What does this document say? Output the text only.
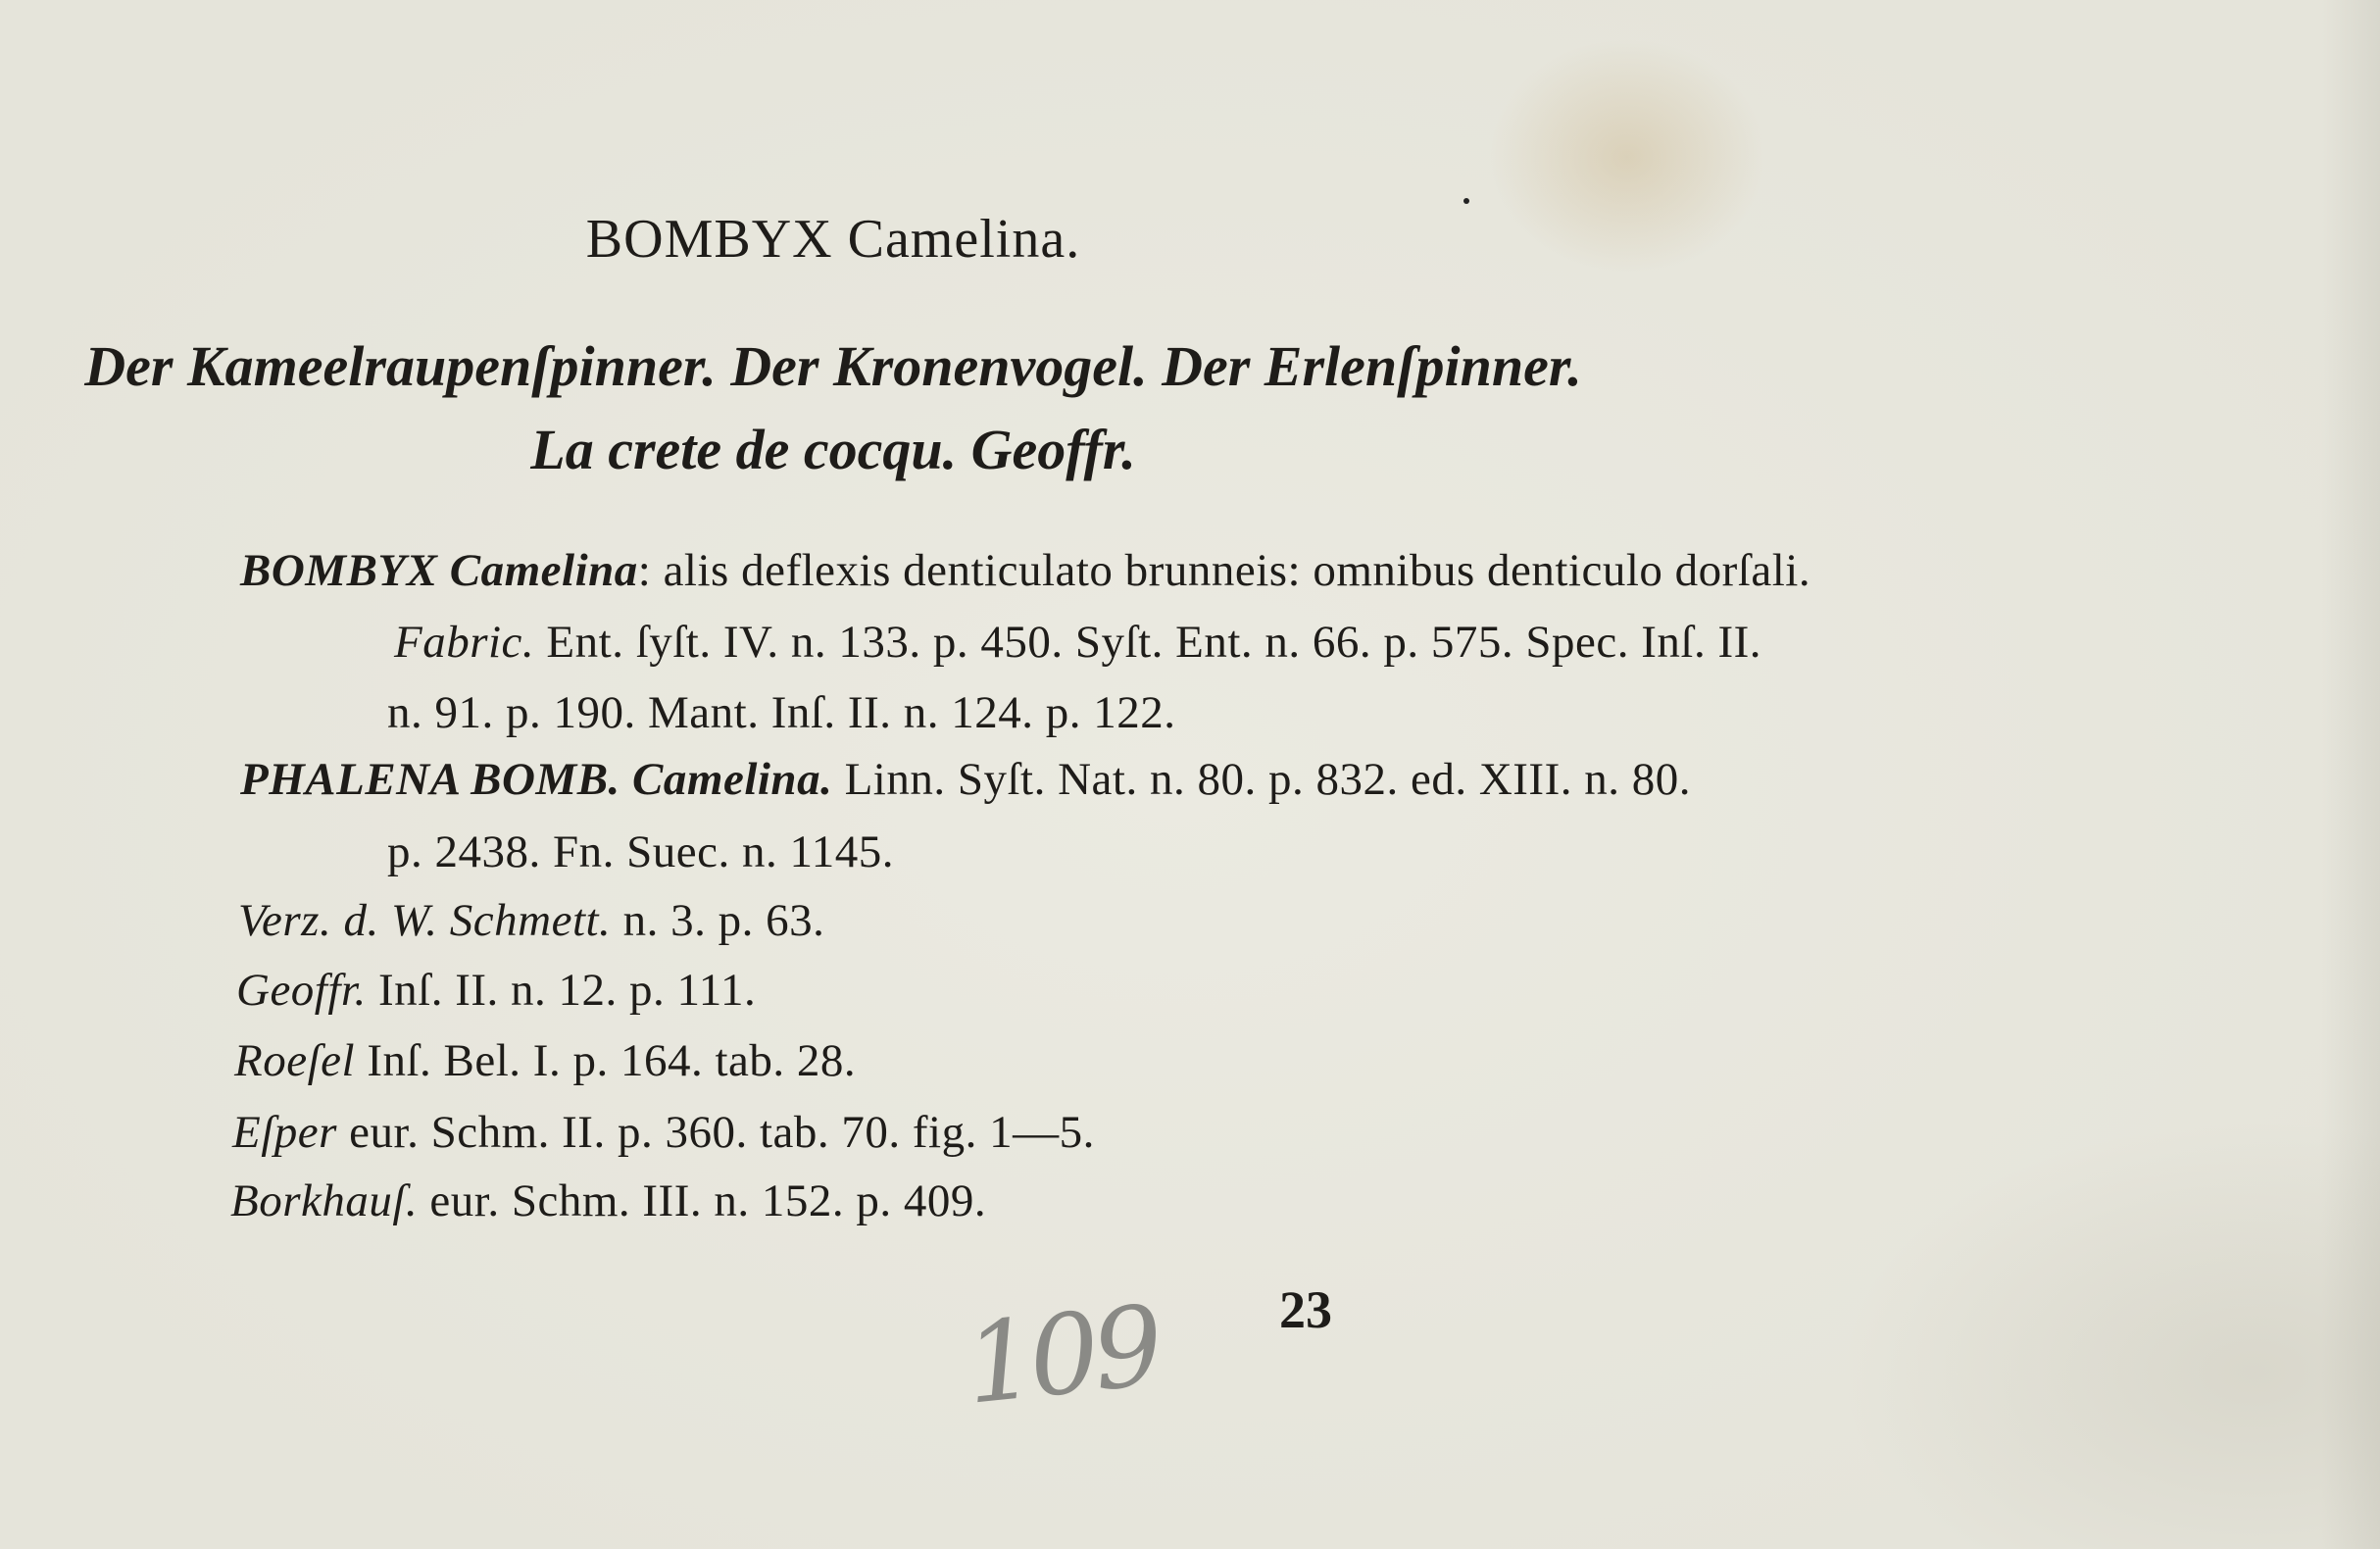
BOMBYX Camelina.
Der Kameelraupenſpinner. Der Kronenvogel. Der Erlenſpinner.
La crete de cocqu. Geoffr.
BOMBYX Camelina: alis deflexis denticulato brunneis: omnibus denticulo dorſali.
Fabric. Ent. ſyſt. IV. n. 133. p. 450. Syſt. Ent. n. 66. p. 575. Spec. Inſ. II.
n. 91. p. 190. Mant. Inſ. II. n. 124. p. 122.
PHALENA BOMB. Camelina. Linn. Syſt. Nat. n. 80. p. 832. ed. XIII. n. 80.
p. 2438. Fn. Suec. n. 1145.
Verz. d. W. Schmett. n. 3. p. 63.
Geoffr. Inſ. II. n. 12. p. 111.
Roeſel Inſ. Bel. I. p. 164. tab. 28.
Eſper eur. Schm. II. p. 360. tab. 70. fig. 1—5.
Borkhauſ. eur. Schm. III. n. 152. p. 409.
23
109
